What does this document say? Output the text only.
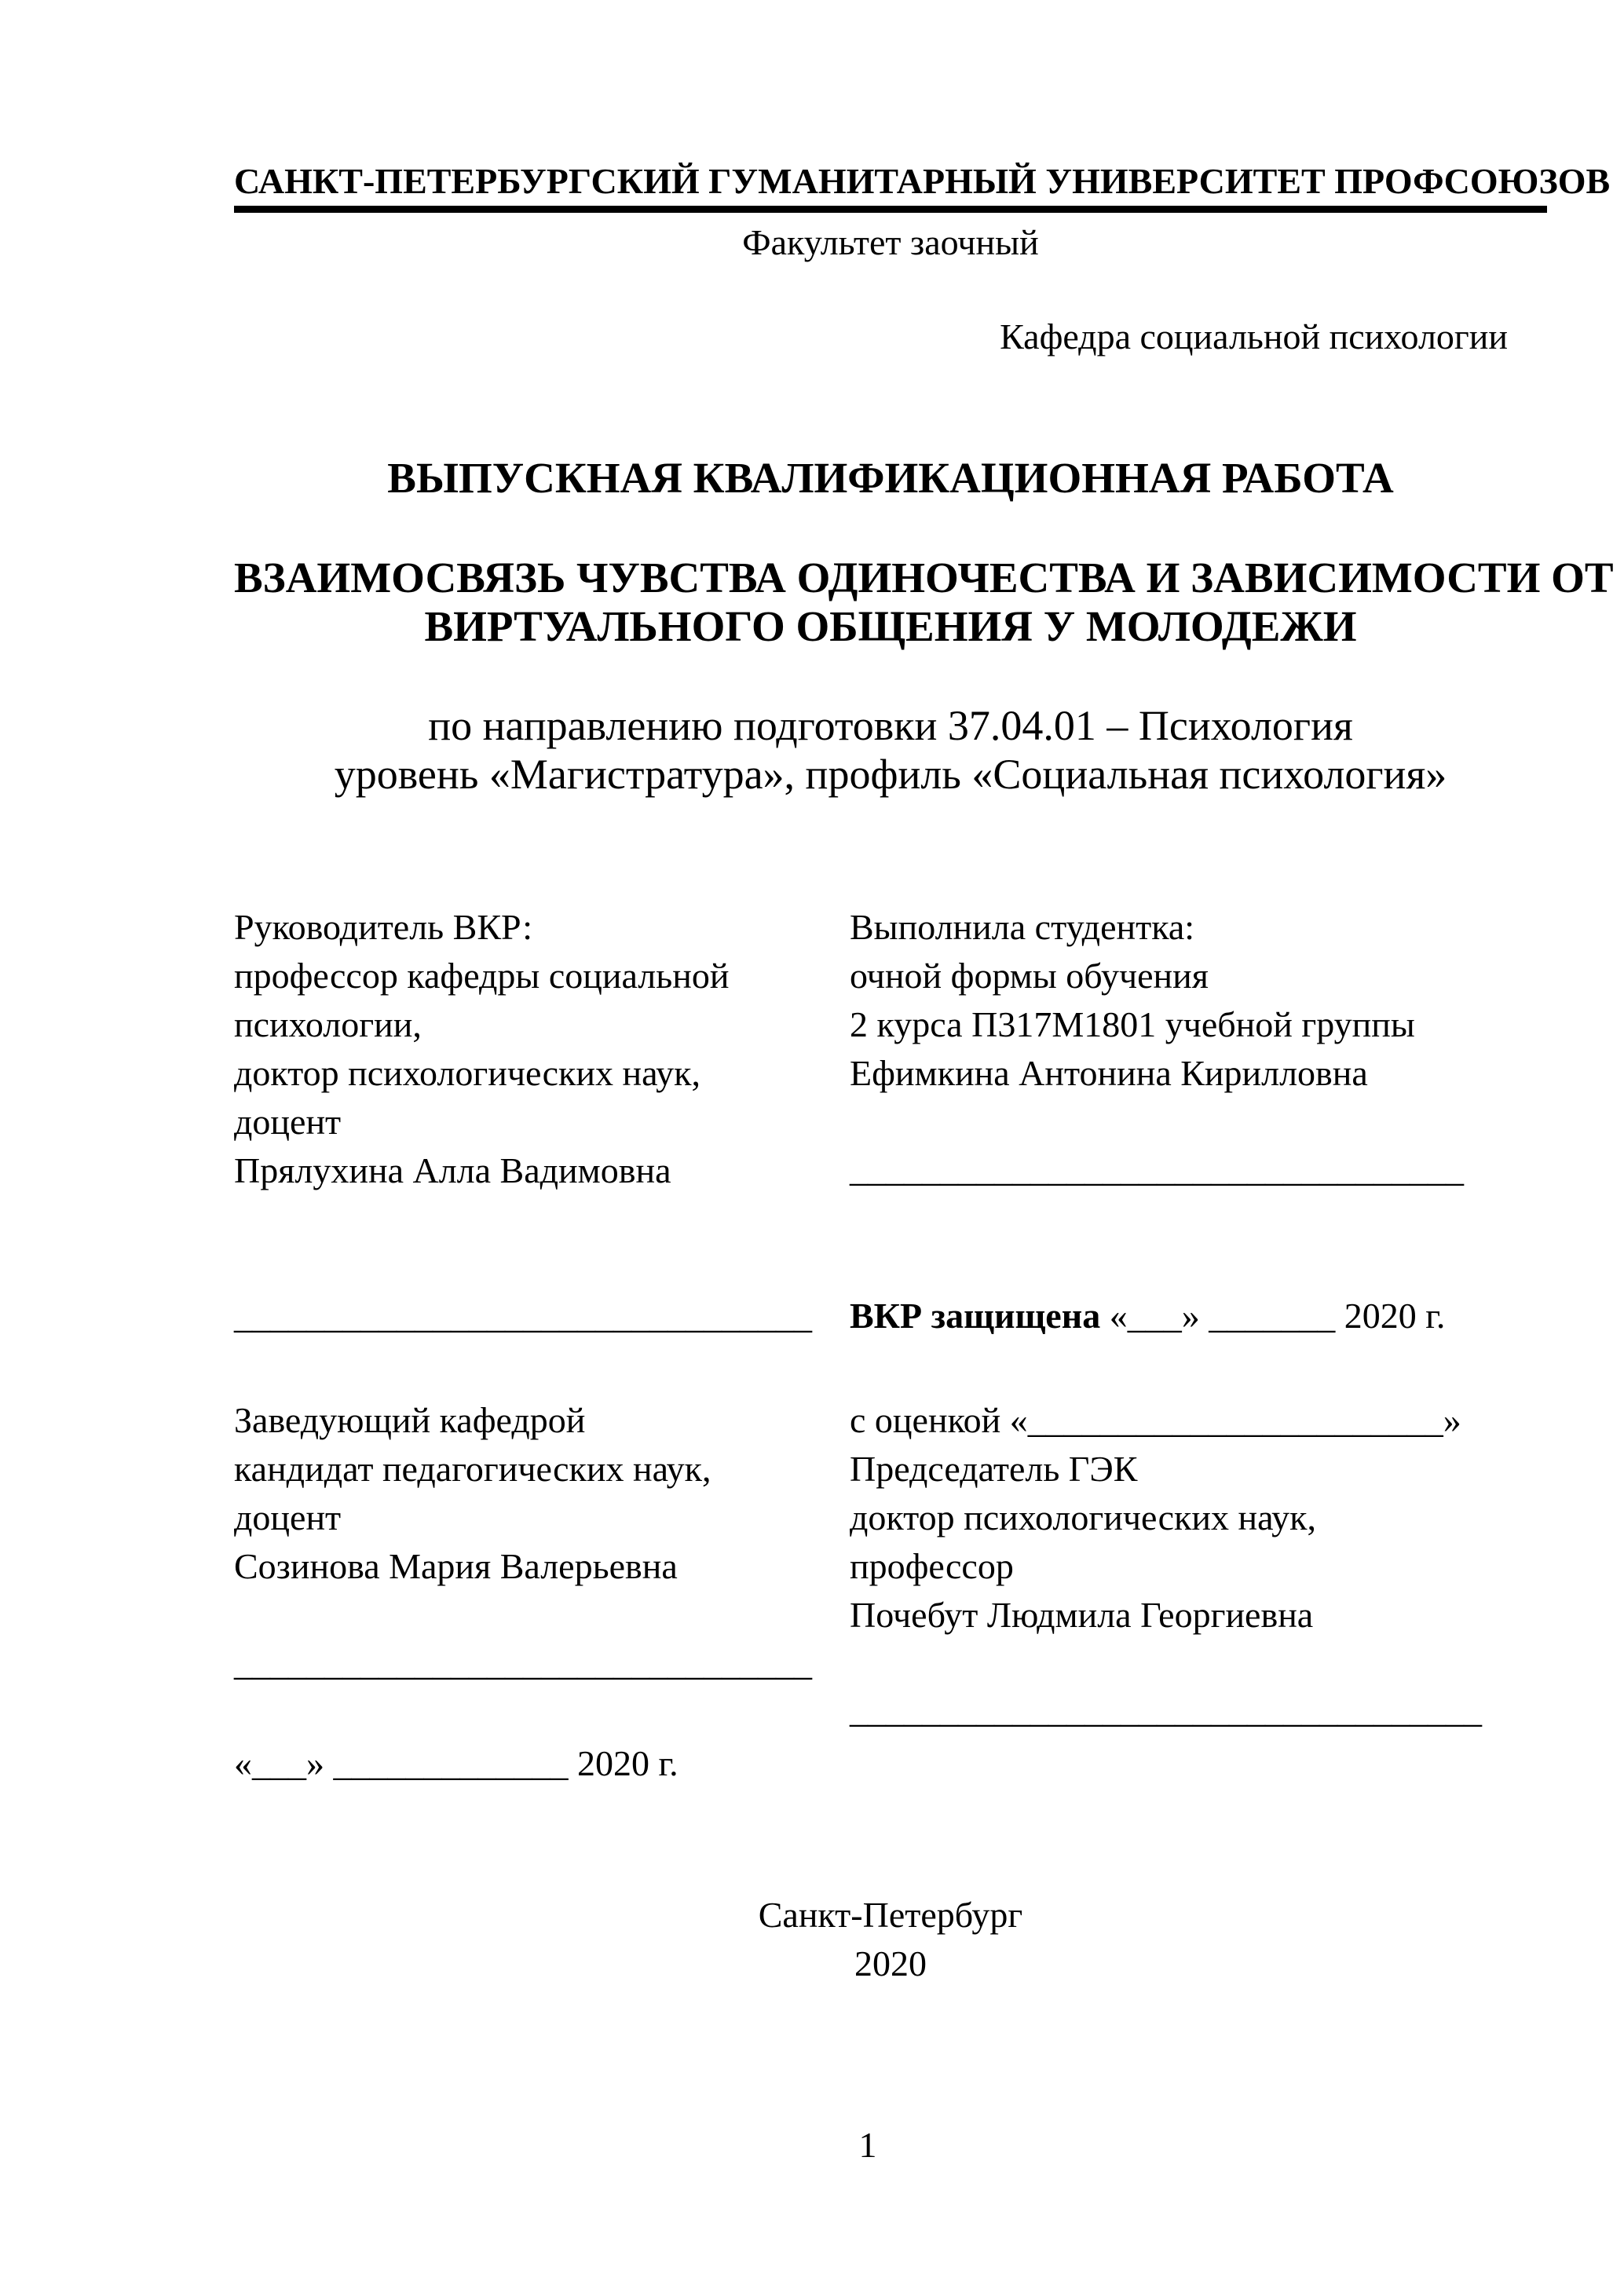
САНКТ-ПЕТЕРБУРГСКИЙ ГУМАНИТАРНЫЙ УНИВЕРСИТЕТ ПРОФСОЮЗОВ
Факультет заочный
Кафедра социальной психологии
ВЫПУСКНАЯ КВАЛИФИКАЦИОННАЯ РАБОТА
ВЗАИМОСВЯЗЬ ЧУВСТВА ОДИНОЧЕСТВА И ЗАВИСИМОСТИ ОТ
ВИРТУАЛЬНОГО ОБЩЕНИЯ У МОЛОДЕЖИ
по направлению подготовки 37.04.01 – Психология
уровень «Магистратура», профиль «Социальная психология»
Руководитель ВКР:
профессор кафедры социальной
психологии,
доктор психологических наук,
доцент
Прялухина Алла Вадимовна
Выполнила студентка:
очной формы обучения
2 курса П317М1801 учебной группы
Ефимкина Антонина Кирилловна
__________________________________
________________________________ ВКР защищена «___» _______ 2020 г.
Заведующий кафедрой
кандидат педагогических наук,
доцент
Созинова Мария Валерьевна
с оценкой «_______________________»
Председатель ГЭК
доктор психологических наук,
профессор
Почебут Людмила Георгиевна
________________________________
___________________________________
«___» _____________ 2020 г.
Санкт-Петербург
2020
1
